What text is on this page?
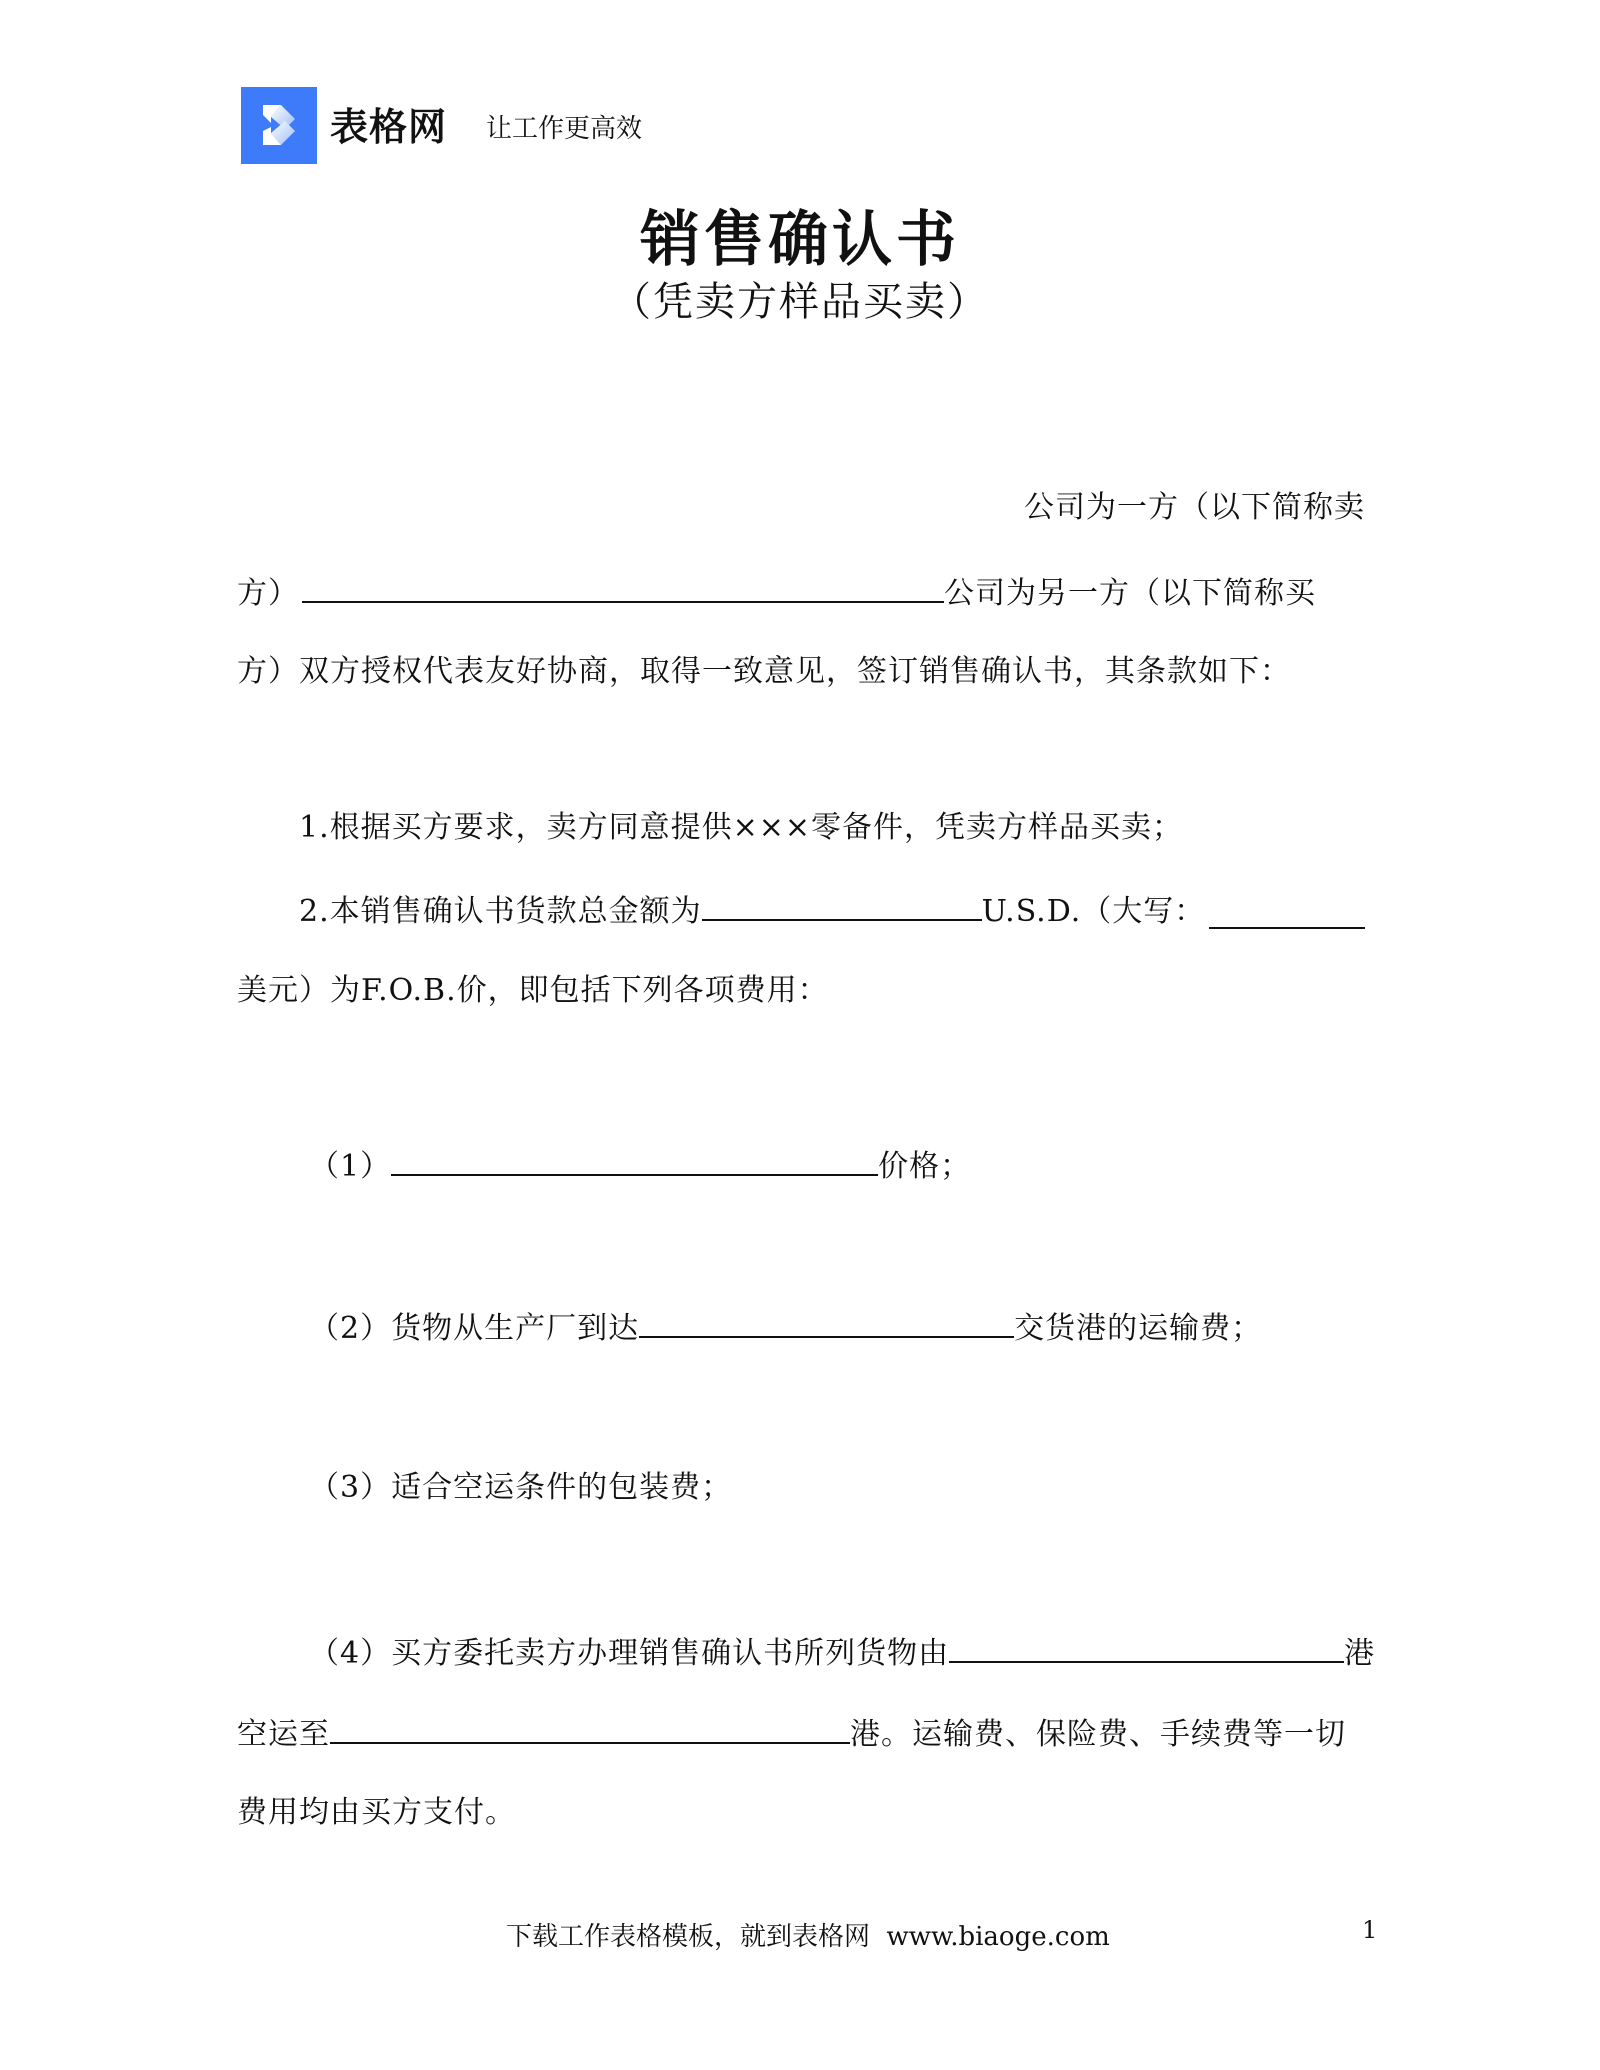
表格网 让工作更高效
销售确认书
（凭卖方样品买卖）
公司为一方（以下简称卖
方）	公司为另一方（以下简称买
方）双方授权代表友好协商，取得一致意见，签订销售确认书，其条款如下：
1.根据买方要求，卖方同意提供×××零备件，凭卖方样品买卖；
2.本销售确认书货款总金额为	U.S.D.（大写：
美元）为F.O.B.价，即包括下列各项费用：
（1）	价格；
（2）货物从生产厂到达	交货港的运输费；
（3）适合空运条件的包装费；
（4）买方委托卖方办理销售确认书所列货物由	港
空运至	港。运输费、保险费、手续费等一切
费用均由买方支付。
下载工作表格模板，就到表格网  www.biaoge.com	1
